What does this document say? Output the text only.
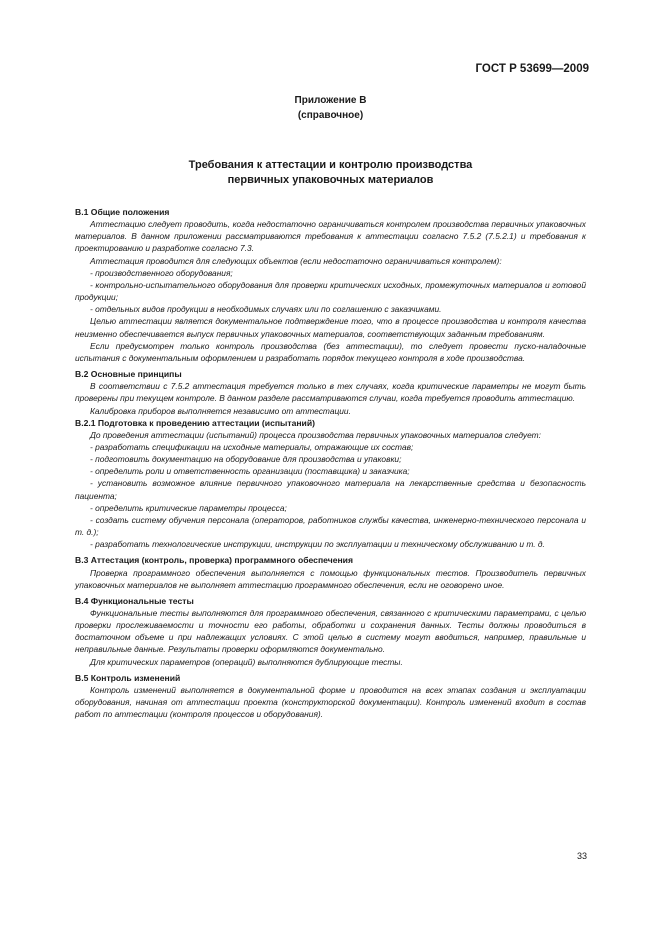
ГОСТ Р 53699—2009
Приложение В
(справочное)
Требования к аттестации и контролю производства
первичных упаковочных материалов

В.1 Общие положения

Аттестацию следует проводить, когда недостаточно ограничиваться контролем производства первичных упаковочных материалов. В данном приложении рассматриваются требования к аттестации согласно 7.5.2 (7.5.2.1) и требования к проектированию и разработке согласно 7.3.

Аттестация проводится для следующих объектов (если недостаточно ограничиваться контролем):

- производственного оборудования;

- контрольно-испытательного оборудования для проверки критических исходных, промежуточных материалов и готовой продукции;

- отдельных видов продукции в необходимых случаях или по соглашению с заказчиками.

Целью аттестации является документальное подтверждение того, что в процессе производства и контроля качества неизменно обеспечивается выпуск первичных упаковочных материалов, соответствующих заданным требованиям.

Если предусмотрен только контроль производства (без аттестации), то следует провести пуско-наладочные испытания с документальным оформлением и разработать порядок текущего контроля в ходе производства.

В.2 Основные принципы

В соответствии с 7.5.2 аттестация требуется только в тех случаях, когда критические параметры не могут быть проверены при текущем контроле. В данном разделе рассматриваются случаи, когда требуется проводить аттестацию.

Калибровка приборов выполняется независимо от аттестации.

В.2.1 Подготовка к проведению аттестации (испытаний)

До проведения аттестации (испытаний) процесса производства первичных упаковочных материалов следует:

- разработать спецификации на исходные материалы, отражающие их состав;

- подготовить документацию на оборудование для производства и упаковки;

- определить роли и ответственность организации (поставщика) и заказчика;

- установить возможное влияние первичного упаковочного материала на лекарственные средства и безопасность пациента;

- определить критические параметры процесса;

- создать систему обучения персонала (операторов, работников службы качества, инженерно-технического персонала и т. д.);

- разработать технологические инструкции, инструкции по эксплуатации и техническому обслуживанию и т. д.

В.3 Аттестация (контроль, проверка) программного обеспечения

Проверка программного обеспечения выполняется с помощью функциональных тестов. Производитель первичных упаковочных материалов не выполняет аттестацию программного обеспечения, если не оговорено иное.

В.4 Функциональные тесты

Функциональные тесты выполняются для программного обеспечения, связанного с критическими параметрами, с целью проверки прослеживаемости и точности его работы, обработки и сохранения данных. Тесты должны проводиться в достаточном объеме и при надлежащих условиях. С этой целью в систему могут вводиться, например, правильные и неправильные данные. Результаты проверки оформляются документально.

Для критических параметров (операций) выполняются дублирующие тесты.

В.5 Контроль изменений

Контроль изменений выполняется в документальной форме и проводится на всех этапах создания и эксплуатации оборудования, начиная от аттестации проекта (конструкторской документации). Контроль изменений входит в состав работ по аттестации (контроля процессов и оборудования).

33
